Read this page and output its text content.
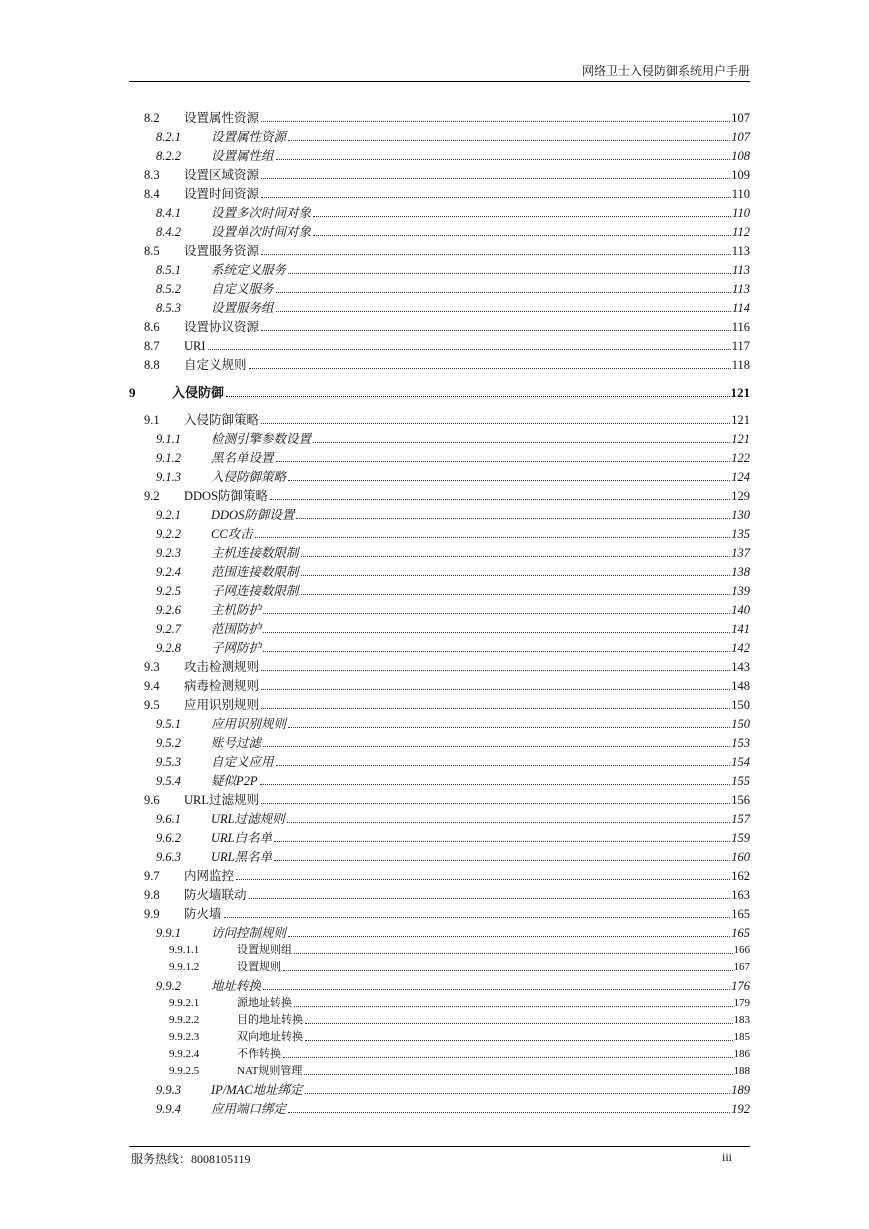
网络卫士入侵防御系统用户手册
8.2	设置属性资源	107
8.2.1	设置属性资源	107
8.2.2	设置属性组	108
8.3	设置区域资源	109
8.4	设置时间资源	110
8.4.1	设置多次时间对象	110
8.4.2	设置单次时间对象	112
8.5	设置服务资源	113
8.5.1	系统定义服务	113
8.5.2	自定义服务	113
8.5.3	设置服务组	114
8.6	设置协议资源	116
8.7	URI	117
8.8	自定义规则	118
9	入侵防御	121
9.1	入侵防御策略	121
9.1.1	检测引擎参数设置	121
9.1.2	黑名单设置	122
9.1.3	入侵防御策略	124
9.2	DDOS防御策略	129
9.2.1	DDOS防御设置	130
9.2.2	CC攻击	135
9.2.3	主机连接数限制	137
9.2.4	范围连接数限制	138
9.2.5	子网连接数限制	139
9.2.6	主机防护	140
9.2.7	范围防护	141
9.2.8	子网防护	142
9.3	攻击检测规则	143
9.4	病毒检测规则	148
9.5	应用识别规则	150
9.5.1	应用识别规则	150
9.5.2	账号过滤	153
9.5.3	自定义应用	154
9.5.4	疑似P2P	155
9.6	URL过滤规则	156
9.6.1	URL过滤规则	157
9.6.2	URL白名单	159
9.6.3	URL黑名单	160
9.7	内网监控	162
9.8	防火墙联动	163
9.9	防火墙	165
9.9.1	访问控制规则	165
9.9.1.1	设置规则组	166
9.9.1.2	设置规则	167
9.9.2	地址转换	176
9.9.2.1	源地址转换	179
9.9.2.2	目的地址转换	183
9.9.2.3	双向地址转换	185
9.9.2.4	不作转换	186
9.9.2.5	NAT规则管理	188
9.9.3	IP/MAC地址绑定	189
9.9.4	应用端口绑定	192
服务热线：8008105119	iii
